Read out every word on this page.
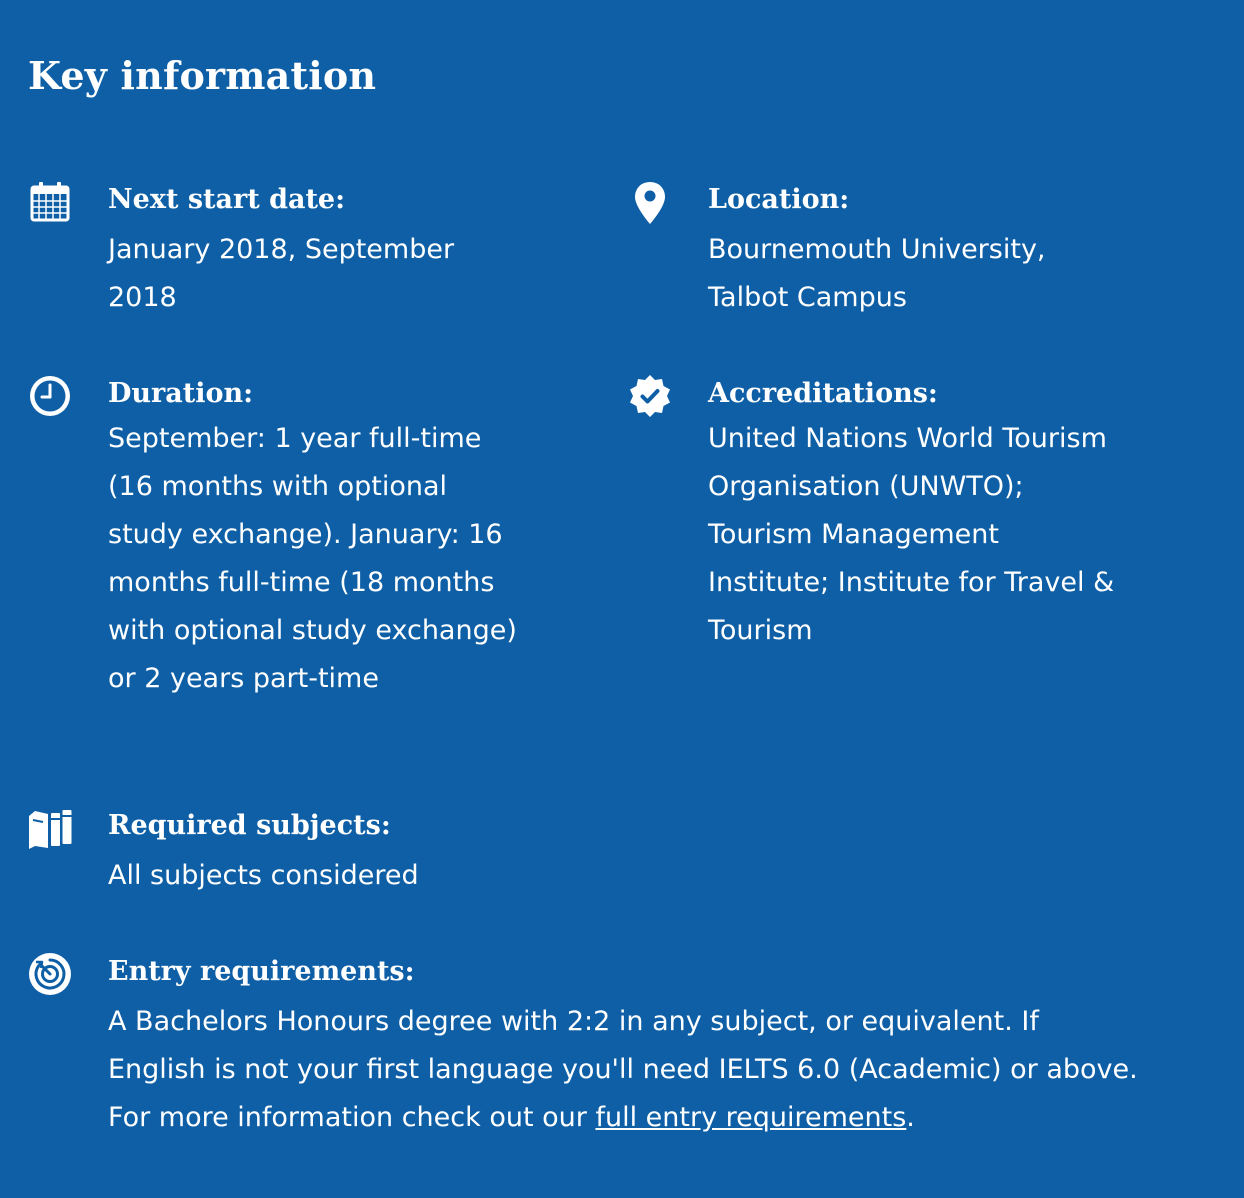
Key information
Next start date:
January 2018, September 2018
Location:
Bournemouth University, Talbot Campus
Duration:
September: 1 year full-time (16 months with optional study exchange). January: 16 months full-time (18 months with optional study exchange) or 2 years part-time
Accreditations:
United Nations World Tourism Organisation (UNWTO); Tourism Management Institute; Institute for Travel & Tourism
Required subjects:
All subjects considered
Entry requirements:

A Bachelors Honours degree with 2:2 in any subject, or equivalent. If

English is not your first language you'll need IELTS 6.0 (Academic) or above.

For more information check out our full entry requirements.
